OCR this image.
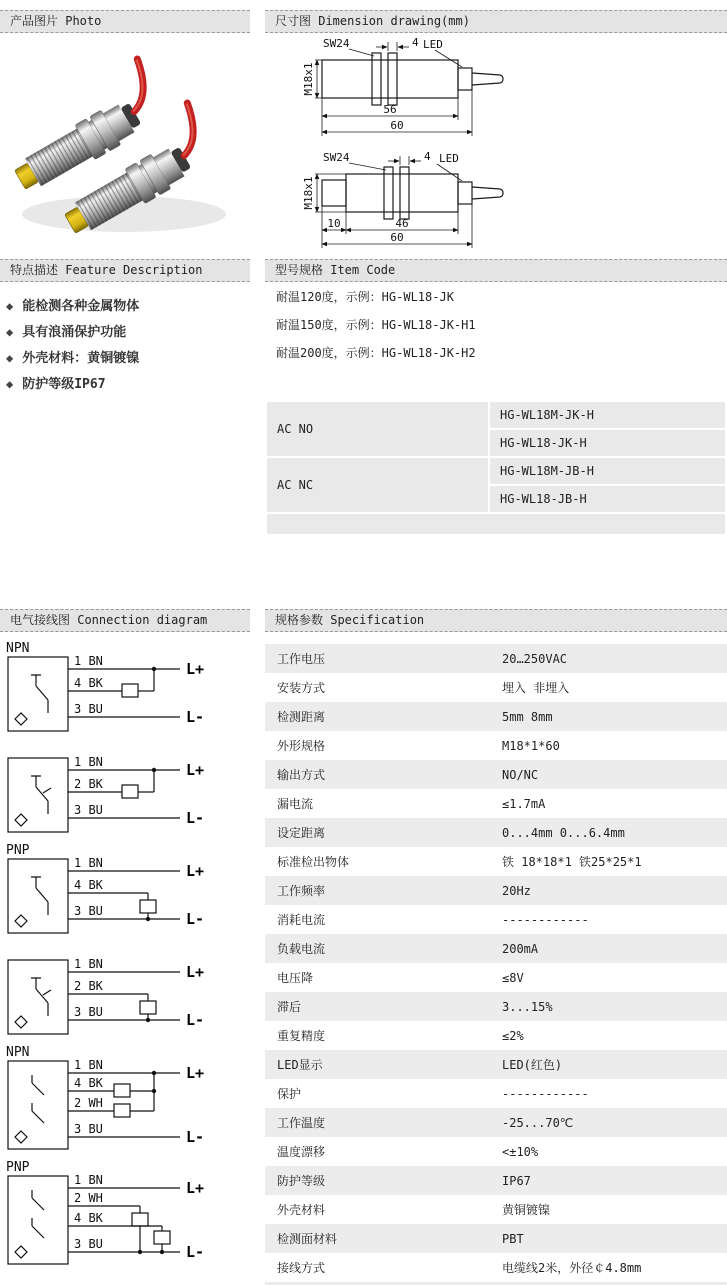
产品图片 Photo	尺寸图 Dimension drawing(mm)
特点描述 Feature Description	型号规格 Item Code
电气接线图 Connection diagram	规格参数 Specification
SW24	4 LED
M18x1
56
60
SW24	4 LED
M18x1
10	46
60
◆ 能检测各种金属物体
◆ 具有浪涌保护功能
◆ 外壳材料：黄铜镀镍
◆ 防护等级IP67
耐温120度，示例：HG-WL18-JK
耐温150度，示例：HG-WL18-JK-H1
耐温200度，示例：HG-WL18-JK-H2
AC NO	HG-WL18M-JK-H
	HG-WL18-JK-H
AC NC	HG-WL18M-JB-H
	HG-WL18-JB-H

NPN
1 BN
4 BK
3 BU
L+
L-
1 BN
2 BK
3 BU
L+
L-
PNP
1 BN
4 BK
3 BU
L+
L-
1 BN
2 BK
3 BU
L+
L-
NPN
1 BN
4 BK
2 WH
3 BU
L+
L-
PNP
1 BN
2 WH
4 BK
3 BU
L+
L-
工作电压	20…250VAC
安装方式	埋入 非埋入
检测距离	5mm 8mm
外形规格	M18*1*60
输出方式	NO/NC
漏电流	≤1.7mA
设定距离	0...4mm 0...6.4mm
标准检出物体	铁 18*18*1 铁25*25*1
工作频率	20Hz
消耗电流	------------
负载电流	200mA
电压降	≤8V
滞后	3...15%
重复精度	≤2%
LED显示	LED(红色)
保护	------------
工作温度	-25...70℃
温度漂移	<±10%
防护等级	IP67
外壳材料	黄铜镀镍
检测面材料	PBT
接线方式	电缆线2米，外径￠4.8mm
